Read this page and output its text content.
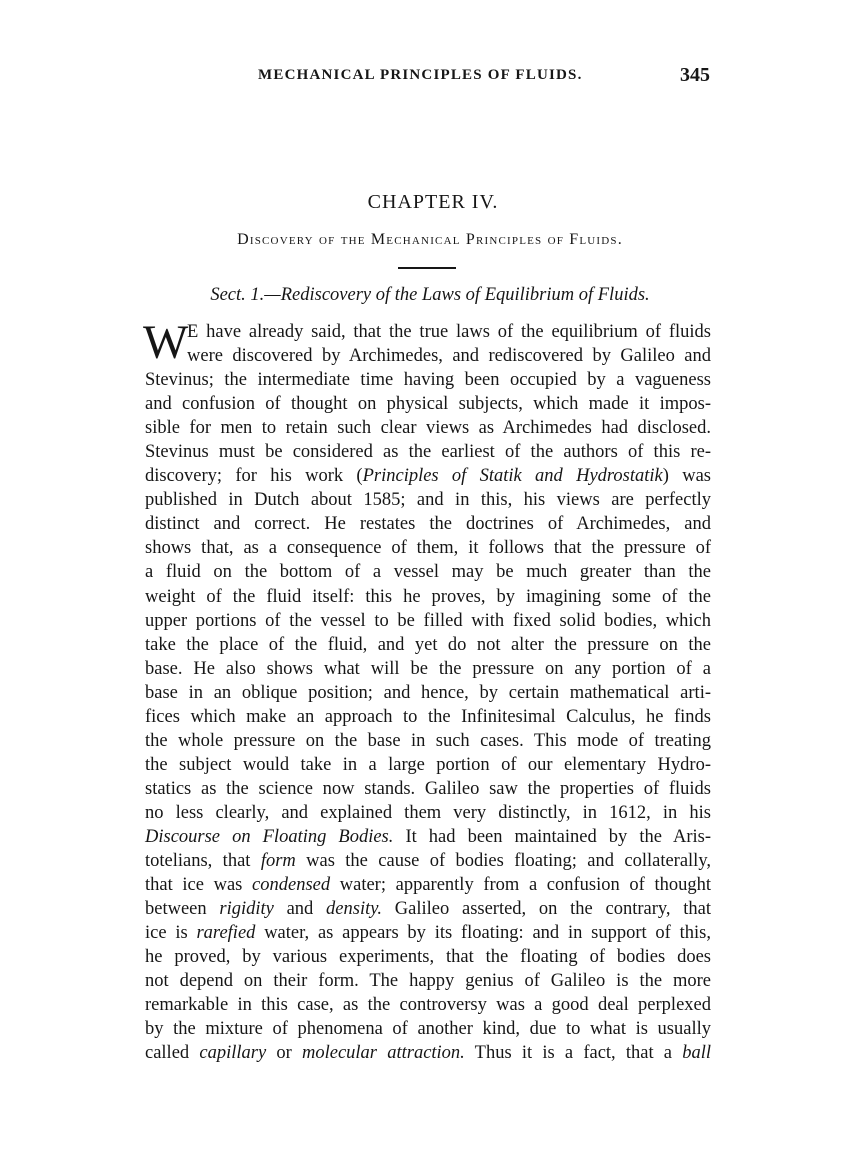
MECHANICAL PRINCIPLES OF FLUIDS.	345
CHAPTER IV.
Discovery of the Mechanical Principles of Fluids.
Sect. 1.—Rediscovery of the Laws of Equilibrium of Fluids.
W
E have already said, that the true laws of the equilibrium of fluids
were discovered by Archimedes, and rediscovered by Galileo and
Stevinus; the intermediate time having been occupied by a vagueness
and confusion of thought on physical subjects, which made it impos-
sible for men to retain such clear views as Archimedes had disclosed.
Stevinus must be considered as the earliest of the authors of this re-
discovery; for his work (Principles of Statik and Hydrostatik) was
published in Dutch about 1585; and in this, his views are perfectly
distinct and correct. He restates the doctrines of Archimedes, and
shows that, as a consequence of them, it follows that the pressure of
a fluid on the bottom of a vessel may be much greater than the
weight of the fluid itself: this he proves, by imagining some of the
upper portions of the vessel to be filled with fixed solid bodies, which
take the place of the fluid, and yet do not alter the pressure on the
base. He also shows what will be the pressure on any portion of a
base in an oblique position; and hence, by certain mathematical arti-
fices which make an approach to the Infinitesimal Calculus, he finds
the whole pressure on the base in such cases. This mode of treating
the subject would take in a large portion of our elementary Hydro-
statics as the science now stands. Galileo saw the properties of fluids
no less clearly, and explained them very distinctly, in 1612, in his
Discourse on Floating Bodies. It had been maintained by the Aris-
totelians, that form was the cause of bodies floating; and collaterally,
that ice was condensed water; apparently from a confusion of thought
between rigidity and density. Galileo asserted, on the contrary, that
ice is rarefied water, as appears by its floating: and in support of this,
he proved, by various experiments, that the floating of bodies does
not depend on their form. The happy genius of Galileo is the more
remarkable in this case, as the controversy was a good deal perplexed
by the mixture of phenomena of another kind, due to what is usually
called capillary or molecular attraction. Thus it is a fact, that a ball
